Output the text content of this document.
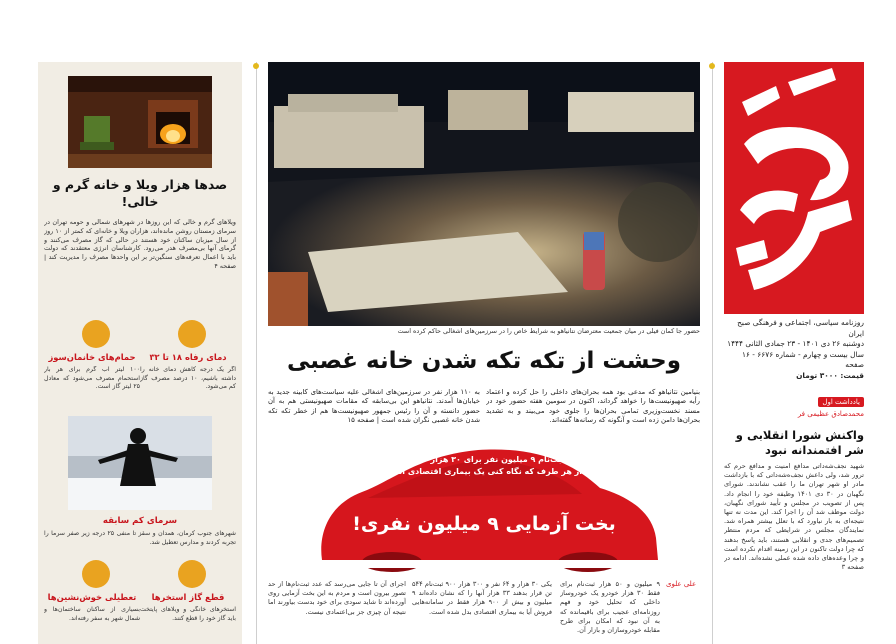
روزنامه سیاسی، اجتماعی و فرهنگی صبح ایران
دوشنبه ۲۶ دی ۱۴۰۱ - ۲۳ جمادی الثانی ۱۴۴۴
سال بیست و چهارم - شماره ۶۶۷۶ - ۱۶ صفحه
قیمت: ۳۰۰۰ تومان
یادداشت اول
محمدصادق عظیمی فر
واکنش شورا انقلابی و شر افتمندانه نبود
شهید نجف‌شه‌داتی مدافع امنیت و مدافع حرم که ترور شد، ولی داعش نجف‌ه‌شه‌داتی که با بازداشت مادر او شهر تهران ما را عقب نشاندند. شورای نگهبان در ۳۰ دی ۱۴۰۱ وظیفه خود را انجام داد. پس از تصویب در مجلس و تأیید شورای نگهبان، دولت موظف شد آن را اجرا کند. این مدت نه تنها نتیجه‌ای به بار نیاورد که با تعلل بیشتر همراه شد. نمایندگان مجلس در شرایطی که مردم منتظر تصمیم‌های جدی و انقلابی هستند، باید پاسخ بدهند که چرا دولت تاکنون در این زمینه اقدام نکرده است و چرا وعده‌های داده شده عملی نشده‌اند. ادامه در صفحه ۳
حضور جا کمان فیلی در میان جمعیت معترضان نتانیاهو به شرایط خاص را در سرزمین‌های اشغالی حاکم کرده است
وحشت از تکه تکه شدن خانه غصبی
بنیامین نتانیاهو که مدعی بود همه بحران‌های داخلی را حل کرده و اعتماد رأیه صهیونیست‌ها را خواهد گرداند، اکنون در سومین هفته حضور خود در مسند نخست‌وزیری تمامی بحران‌ها را جلوی خود می‌بیند و به تشدید بحران‌ها دامن زده است و آنگونه که رسانه‌ها گفته‌اند.
به ۱۱۰ هزار نفر در سرزمین‌های اشغالی علیه سیاست‌های کابینه جدید به خیابان‌ها آمدند. نتانیاهو این بی‌سابقه که مقامات صهیونیستی هم به آن حضور دانسته و آن را رئیس جمهور صهیونیست‌ها هم از خطر تکه تکه شدن خانه غصبی نگران شده است | صفحه ۱۵
ثبت‌نام ۹ میلیون نفر برای ۳۰ هزار خودرو
از هر طرف که نگاه کنی یک بیماری اقتصادی است
بخت آزمایی ۹ میلیون نفری!
علی علوی
۹ میلیون و ۵۰ هزار ثبت‌نام برای فقط ۳۰ هزار خودرو یک خودروساز داخلی که تحلیل خود و فهم روزنامه‌ای عجیب برای باقیمانده که به آن نبود که امکان برای طرح مقابله خودروسازان و بازار آن.
یکی ۳۰ هزار و ۶۴ نفر و ۳۰۰ هزار ۹۰۰ ثبت‌نام ۵۴۴ تن قرار بدهند ۳۳ هزار آنها را که نشان داده‌اند ۹ میلیون و بیش از ۹۰۰ هزار فقط در سامانه‌هایی فروش آیا به بیماری اقتصادی بدل شده است.
اجرای آن تا جایی می‌رسد که عدد ثبت‌نام‌ها از حد تصور بیرون است و مردم به این بخت آزمایی روی آورده‌اند تا شاید سودی برای خود بدست بیاورند اما نتیجه آن چیزی جز بی‌اعتمادی نیست.
صدها هزار ویلا و خانه گرم و خالی!
ویلاهای گرم و خالی که این روزها در شهرهای شمالی و حومه تهران در سرمای زمستان روشن مانده‌اند، هزاران ویلا و خانه‌ای که کمتر از ۱۰ روز از سال میزبان ساکنان خود هستند در حالی که گاز مصرف می‌کنند و گرمای آنها بی‌مصرف هدر می‌رود. کارشناسان انرژی معتقدند که دولت باید با اعمال تعرفه‌های سنگین‌تر بر این واحدها مصرف را مدیریت کند | صفحه ۴
دمای رفاه ۱۸ تا ۳۲
اگر یک درجه کاهش دمای خانه را داشته باشیم، ۱۰ درصد مصرف گاز کم می‌شود.
حمام‌های خانمان‌سوز
۱۰۰ لیتر آب گرم برای هر بار استحمام مصرف می‌شود که معادل ۲۵ لیتر گاز است.
سرمای کم سابقه
شهرهای جنوب کرمان، همدان و سقز تا منفی ۲۵ درجه زیر صفر سرما را تجربه کردند و مدارس تعطیل شد.
قطع گاز استخرها
استخرهای خانگی و ویلاهای پایتخت باید گاز خود را قطع کنند.
تعطیلی خوش‌نشین‌ها
بسیاری از ساکنان ساختمان‌ها و شمال شهر به سفر رفته‌اند.
